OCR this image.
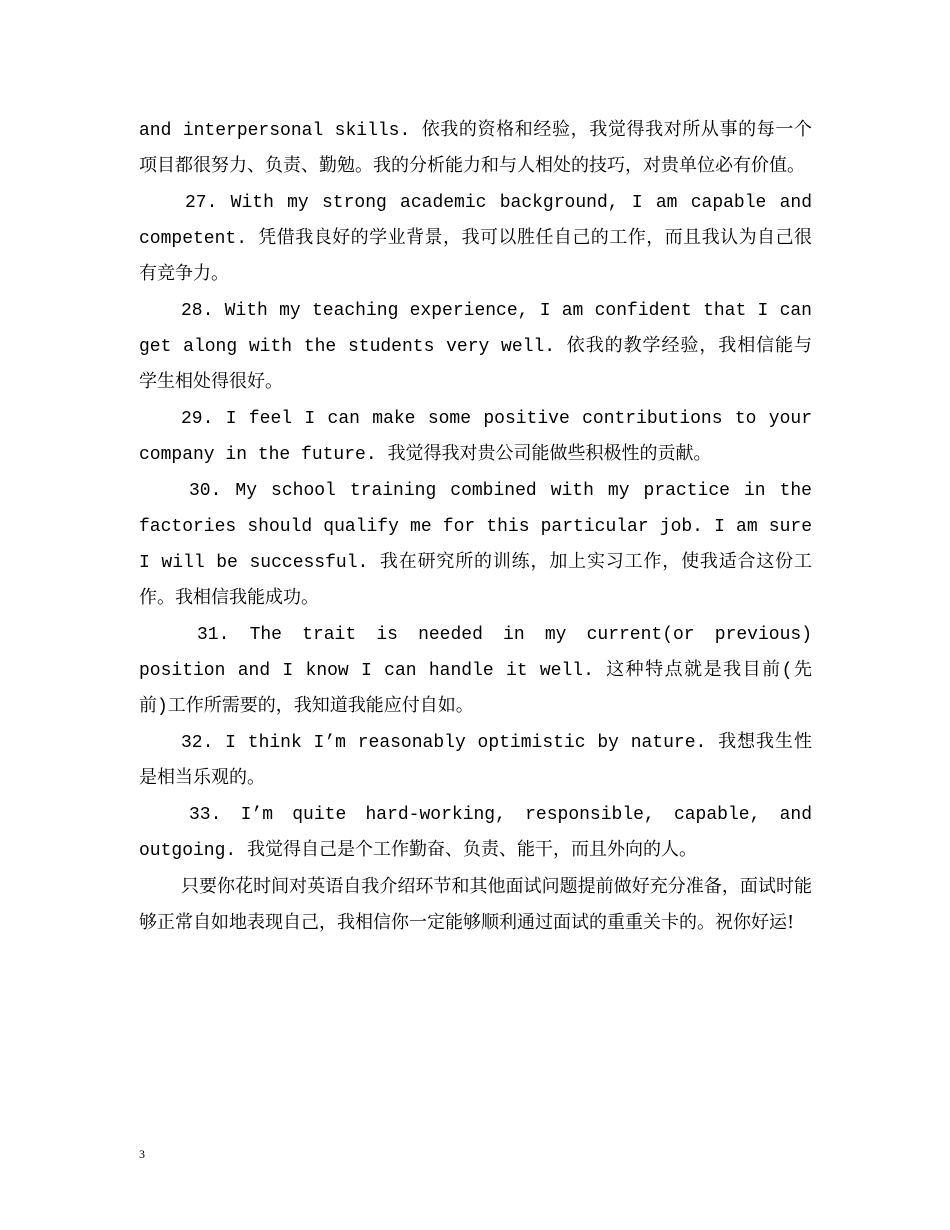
and interpersonal skills. 依我的资格和经验，我觉得我对所从事的每一个项目都很努力、负责、勤勉。我的分析能力和与人相处的技巧，对贵单位必有价值。

27. With my strong academic background, I am capable and competent. 凭借我良好的学业背景，我可以胜任自己的工作，而且我认为自己很有竞争力。

28. With my teaching experience, I am confident that I can get along with the students very well. 依我的教学经验，我相信能与学生相处得很好。

29. I feel I can make some positive contributions to your company in the future. 我觉得我对贵公司能做些积极性的贡献。

30. My school training combined with my practice in the factories should qualify me for this particular job. I am sure I will be successful. 我在研究所的训练，加上实习工作，使我适合这份工作。我相信我能成功。

31. The trait is needed in my current(or previous) position and I know I can handle it well. 这种特点就是我目前(先前)工作所需要的，我知道我能应付自如。

32. I think I’m reasonably optimistic by nature. 我想我生性是相当乐观的。

33. I’m quite hard-working, responsible, capable, and outgoing. 我觉得自己是个工作勤奋、负责、能干，而且外向的人。

只要你花时间对英语自我介绍环节和其他面试问题提前做好充分准备，面试时能够正常自如地表现自己，我相信你一定能够顺利通过面试的重重关卡的。祝你好运!

3
